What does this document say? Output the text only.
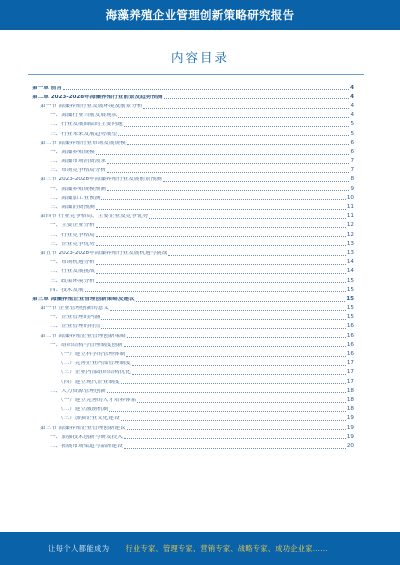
海藻养殖企业管理创新策略研究报告
内容目录
第一章 前言	4
第二章 2023-2028年海藻养殖行业前景及趋势预测	4
第一节 海藻养殖行业发展环境及前景分析	4
一、海藻行业当前发展现状	4
二、行业发展面临的主要问题	5
三、行业未来发展趋势展望	5
第二节 海藻养殖行业市场发展规模	6
一、海藻养殖规模	6
二、海藻市场消费需求	7
三、市场竞争格局分析	7
第三节 2023-2028年海藻养殖行业发展前景预测	8
一、海藻养殖规模预测	9
二、海藻加工业预测	10
三、海藻消费预测	11
第四节 行业竞争格局，主要企业及竞争优势	11
一、主要企业分析	12
二、行业竞争格局	12
三、企业竞争优势	13
第五节 2023-2028年海藻养殖行业发展机遇与挑战	13
一、市场机遇分析	14
二、行业发展挑战	14
三、政策环境分析	15
四、技术发展	15
第三章 海藻养殖企业管理创新策略及建议	15
第一节 企业管理创新的意义	15
一、企业管理的内涵	15
二、企业管理的特点	16
第二节 海藻养殖企业管理创新策略	16
一、组织结构与管理制度创新	16
（一）建立科学的管理体制	16
（二）完善企业内部管理制度	17
（三）企业内部组织结构优化	17
（四）建立现代企业制度	17
二、人力资源管理创新	18
（一）建立完善的人才培养体系	18
（二）建立激励机制	18
（三）加强企业文化建设	19
第三节 海藻养殖企业管理创新建议	19
一、加强技术创新与研发投入	19
二、拓展市场渠道与品牌建设	20
让每个人都能成为 行业专家、管理专家、营销专家、战略专家、成功企业家……
